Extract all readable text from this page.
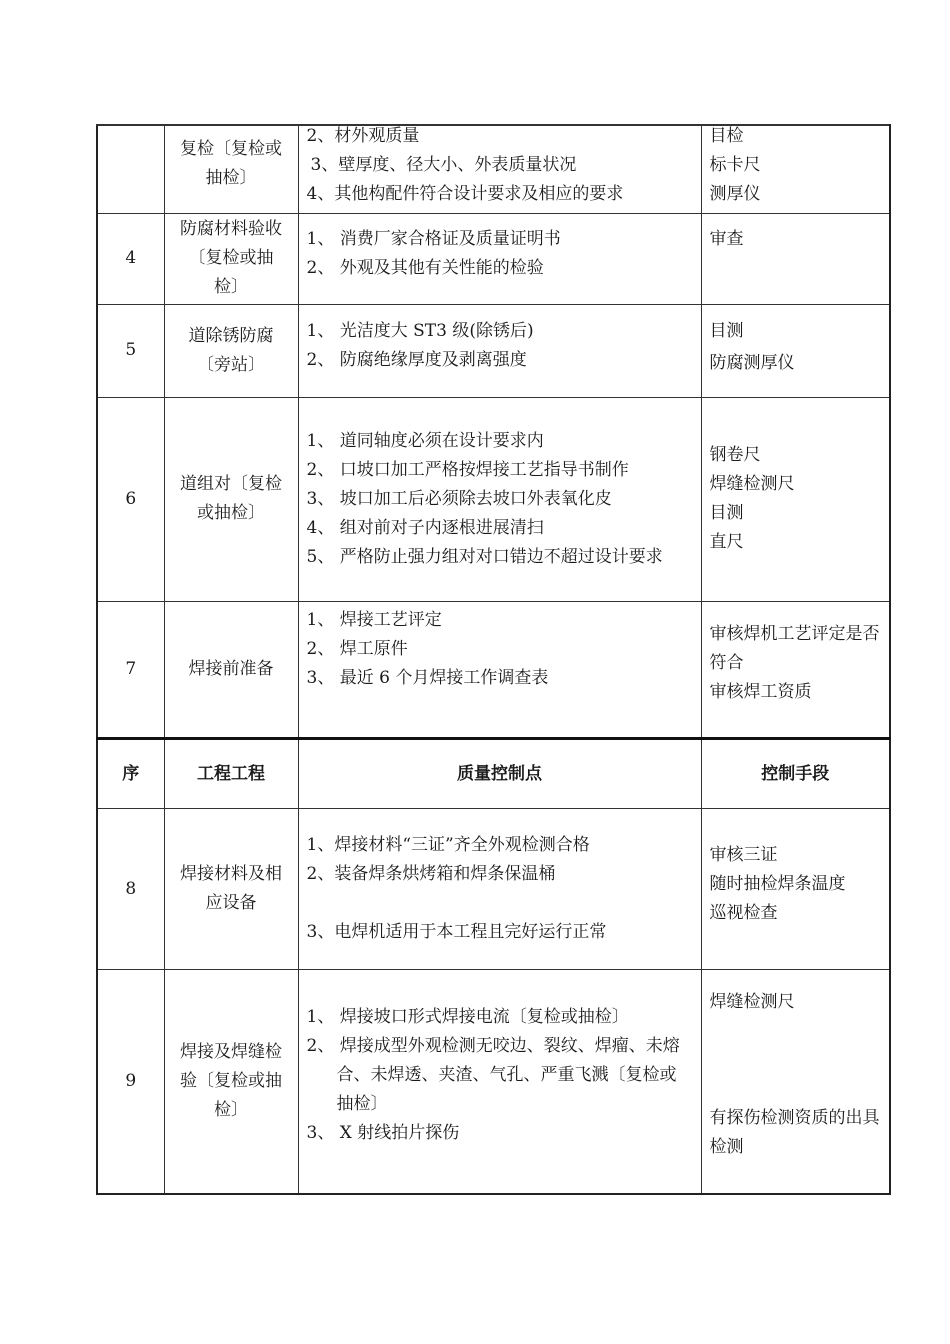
	复检〔复检或
抽检〕	2、材外观质量
3、壁厚度、径大小、外表质量状况
4、其他构配件符合设计要求及相应的要求	目检
标卡尺
测厚仪

4	防腐材料验收
〔复检或抽
检〕	1、 消费厂家合格证及质量证明书
2、 外观及其他有关性能的检验	审查

5	道除锈防腐
〔旁站〕	1、 光洁度大 ST3 级(除锈后)
2、 防腐绝缘厚度及剥离强度	目测
防腐测厚仪

6	道组对〔复检
或抽检〕	1、 道同轴度必须在设计要求内
2、 口坡口加工严格按焊接工艺指导书制作
3、 坡口加工后必须除去坡口外表氧化皮
4、 组对前对子内逐根进展清扫
5、 严格防止强力组对对口错边不超过设计要求	钢卷尺
焊缝检测尺
目测
直尺

7	焊接前准备	1、 焊接工艺评定
2、 焊工原件
3、 最近 6 个月焊接工作调查表	审核焊机工艺评定是否符合
审核焊工资质
序	工程工程	质量控制点	控制手段
8	焊接材料及相
应设备	1、焊接材料“三证”齐全外观检测合格
2、装备焊条烘烤箱和焊条保温桶
3、电焊机适用于本工程且完好运行正常	审核三证
随时抽检焊条温度
巡视检查

9	焊接及焊缝检
验〔复检或抽
检〕	1、 焊接坡口形式焊接电流〔复检或抽检〕
2、 焊接成型外观检测无咬边、裂纹、焊瘤、未熔合、未焊透、夹渣、气孔、严重飞溅〔复检或抽检〕
3、 X 射线拍片探伤	焊缝检测尺
有探伤检测资质的出具检测
